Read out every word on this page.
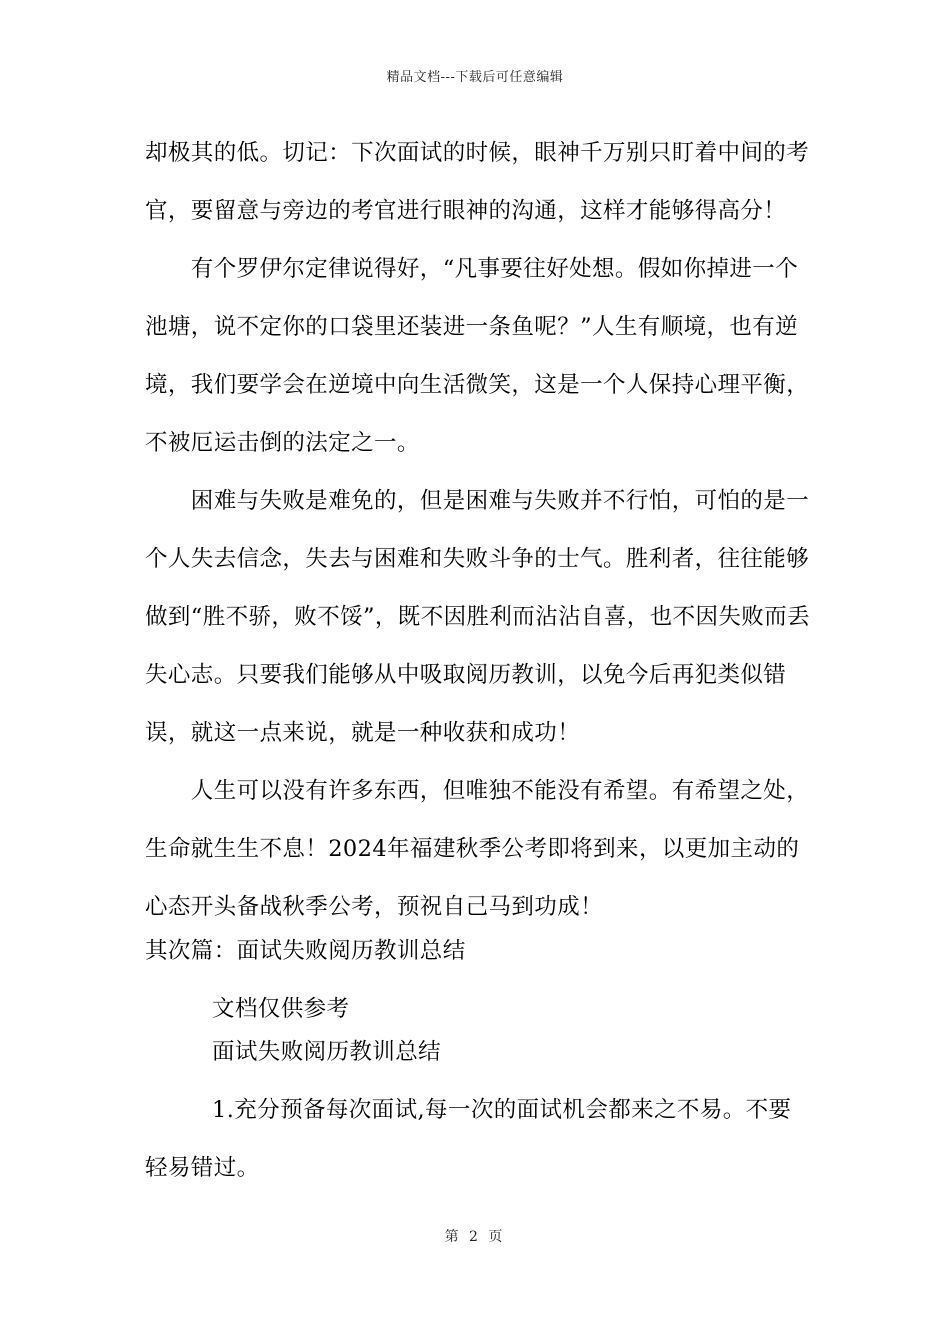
精品文档---下载后可任意编辑

却极其的低。切记：下次面试的时候，眼神千万别只盯着中间的考官，要留意与旁边的考官进行眼神的沟通，这样才能够得高分！

　　有个罗伊尔定律说得好，“凡事要往好处想。假如你掉进一个池塘，说不定你的口袋里还装进一条鱼呢？”人生有顺境，也有逆境，我们要学会在逆境中向生活微笑，这是一个人保持心理平衡，不被厄运击倒的法定之一。

　　困难与失败是难免的，但是困难与失败并不行怕，可怕的是一个人失去信念，失去与困难和失败斗争的士气。胜利者，往往能够做到“胜不骄，败不馁”，既不因胜利而沾沾自喜，也不因失败而丢失心志。只要我们能够从中吸取阅历教训，以免今后再犯类似错误，就这一点来说，就是一种收获和成功！

　　人生可以没有许多东西，但唯独不能没有希望。有希望之处，生命就生生不息！2024年福建秋季公考即将到来，以更加主动的心态开头备战秋季公考，预祝自己马到功成！

其次篇：面试失败阅历教训总结
文档仅供参考

面试失败阅历教训总结

1.充分预备每次面试,每一次的面试机会都来之不易。不要轻易错过。

第 2 页
